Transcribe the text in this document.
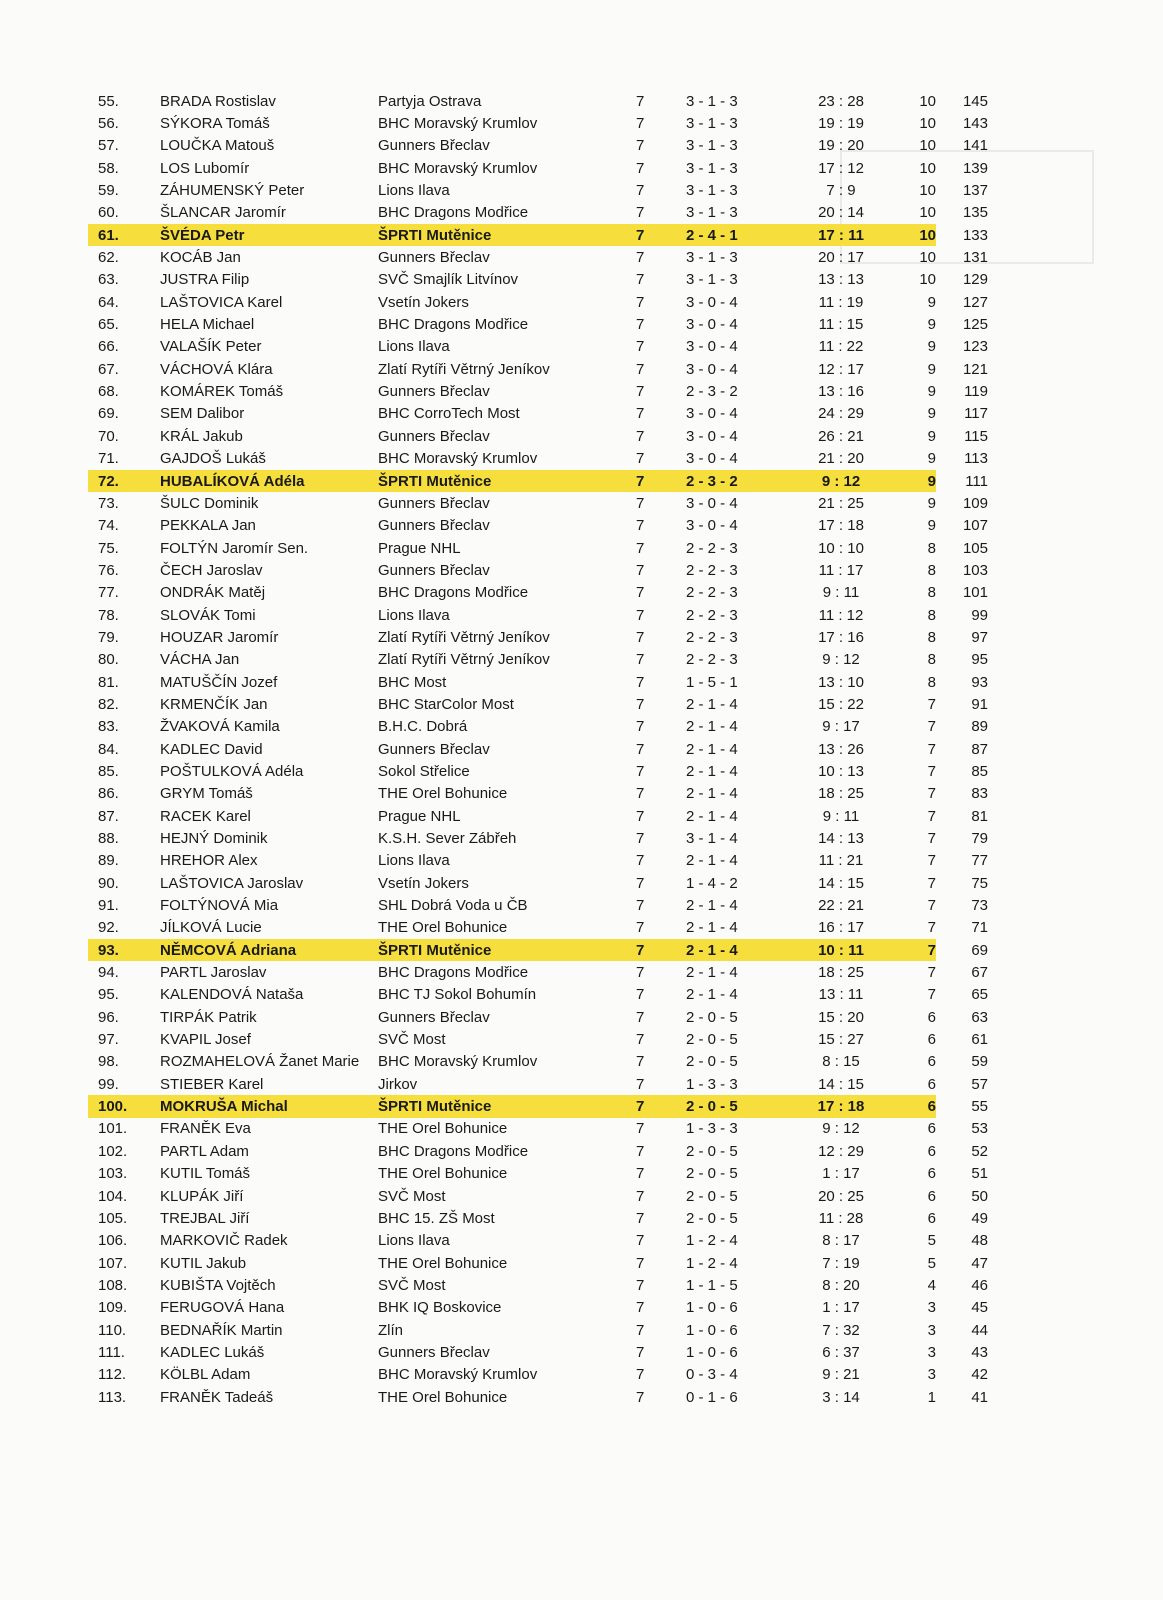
55.	BRADA Rostislav	Partyja Ostrava	7	3 - 1 - 3	23 : 28	10	145
56.	SÝKORA Tomáš	BHC Moravský Krumlov	7	3 - 1 - 3	19 : 19	10	143
57.	LOUČKA Matouš	Gunners Břeclav	7	3 - 1 - 3	19 : 20	10	141
58.	LOS Lubomír	BHC Moravský Krumlov	7	3 - 1 - 3	17 : 12	10	139
59.	ZÁHUMENSKÝ Peter	Lions Ilava	7	3 - 1 - 3	7 : 9	10	137
60.	ŠLANCAR Jaromír	BHC Dragons Modřice	7	3 - 1 - 3	20 : 14	10	135
61.	ŠVÉDA Petr	ŠPRTI Mutěnice	7	2 - 4 - 1	17 : 11	10	133
62.	KOCÁB Jan	Gunners Břeclav	7	3 - 1 - 3	20 : 17	10	131
63.	JUSTRA Filip	SVČ Smajlík Litvínov	7	3 - 1 - 3	13 : 13	10	129
64.	LAŠTOVICA Karel	Vsetín Jokers	7	3 - 0 - 4	11 : 19	9	127
65.	HELA Michael	BHC Dragons Modřice	7	3 - 0 - 4	11 : 15	9	125
66.	VALAŠÍK Peter	Lions Ilava	7	3 - 0 - 4	11 : 22	9	123
67.	VÁCHOVÁ Klára	Zlatí Rytíři Větrný Jeníkov	7	3 - 0 - 4	12 : 17	9	121
68.	KOMÁREK Tomáš	Gunners Břeclav	7	2 - 3 - 2	13 : 16	9	119
69.	SEM Dalibor	BHC CorroTech Most	7	3 - 0 - 4	24 : 29	9	117
70.	KRÁL Jakub	Gunners Břeclav	7	3 - 0 - 4	26 : 21	9	115
71.	GAJDOŠ Lukáš	BHC Moravský Krumlov	7	3 - 0 - 4	21 : 20	9	113
72.	HUBALÍKOVÁ Adéla	ŠPRTI Mutěnice	7	2 - 3 - 2	9 : 12	9	111
73.	ŠULC Dominik	Gunners Břeclav	7	3 - 0 - 4	21 : 25	9	109
74.	PEKKALA Jan	Gunners Břeclav	7	3 - 0 - 4	17 : 18	9	107
75.	FOLTÝN Jaromír Sen.	Prague NHL	7	2 - 2 - 3	10 : 10	8	105
76.	ČECH Jaroslav	Gunners Břeclav	7	2 - 2 - 3	11 : 17	8	103
77.	ONDRÁK Matěj	BHC Dragons Modřice	7	2 - 2 - 3	9 : 11	8	101
78.	SLOVÁK Tomi	Lions Ilava	7	2 - 2 - 3	11 : 12	8	99
79.	HOUZAR Jaromír	Zlatí Rytíři Větrný Jeníkov	7	2 - 2 - 3	17 : 16	8	97
80.	VÁCHA Jan	Zlatí Rytíři Větrný Jeníkov	7	2 - 2 - 3	9 : 12	8	95
81.	MATUŠČÍN Jozef	BHC Most	7	1 - 5 - 1	13 : 10	8	93
82.	KRMENČÍK Jan	BHC StarColor Most	7	2 - 1 - 4	15 : 22	7	91
83.	ŽVAKOVÁ Kamila	B.H.C. Dobrá	7	2 - 1 - 4	9 : 17	7	89
84.	KADLEC David	Gunners Břeclav	7	2 - 1 - 4	13 : 26	7	87
85.	POŠTULKOVÁ Adéla	Sokol Střelice	7	2 - 1 - 4	10 : 13	7	85
86.	GRYM Tomáš	THE Orel Bohunice	7	2 - 1 - 4	18 : 25	7	83
87.	RACEK Karel	Prague NHL	7	2 - 1 - 4	9 : 11	7	81
88.	HEJNÝ Dominik	K.S.H. Sever Zábřeh	7	3 - 1 - 4	14 : 13	7	79
89.	HREHOR Alex	Lions Ilava	7	2 - 1 - 4	11 : 21	7	77
90.	LAŠTOVICA Jaroslav	Vsetín Jokers	7	1 - 4 - 2	14 : 15	7	75
91.	FOLTÝNOVÁ Mia	SHL Dobrá Voda u ČB	7	2 - 1 - 4	22 : 21	7	73
92.	JÍLKOVÁ Lucie	THE Orel Bohunice	7	2 - 1 - 4	16 : 17	7	71
93.	NĚMCOVÁ Adriana	ŠPRTI Mutěnice	7	2 - 1 - 4	10 : 11	7	69
94.	PARTL Jaroslav	BHC Dragons Modřice	7	2 - 1 - 4	18 : 25	7	67
95.	KALENDOVÁ Nataša	BHC TJ Sokol Bohumín	7	2 - 1 - 4	13 : 11	7	65
96.	TIRPÁK Patrik	Gunners Břeclav	7	2 - 0 - 5	15 : 20	6	63
97.	KVAPIL Josef	SVČ Most	7	2 - 0 - 5	15 : 27	6	61
98.	ROZMAHELOVÁ Žanet Marie	BHC Moravský Krumlov	7	2 - 0 - 5	8 : 15	6	59
99.	STIEBER Karel	Jirkov	7	1 - 3 - 3	14 : 15	6	57
100.	MOKRUŠA Michal	ŠPRTI Mutěnice	7	2 - 0 - 5	17 : 18	6	55
101.	FRANĚK Eva	THE Orel Bohunice	7	1 - 3 - 3	9 : 12	6	53
102.	PARTL Adam	BHC Dragons Modřice	7	2 - 0 - 5	12 : 29	6	52
103.	KUTIL Tomáš	THE Orel Bohunice	7	2 - 0 - 5	1 : 17	6	51
104.	KLUPÁK Jiří	SVČ Most	7	2 - 0 - 5	20 : 25	6	50
105.	TREJBAL Jiří	BHC 15. ZŠ Most	7	2 - 0 - 5	11 : 28	6	49
106.	MARKOVIČ Radek	Lions Ilava	7	1 - 2 - 4	8 : 17	5	48
107.	KUTIL Jakub	THE Orel Bohunice	7	1 - 2 - 4	7 : 19	5	47
108.	KUBIŠTA Vojtěch	SVČ Most	7	1 - 1 - 5	8 : 20	4	46
109.	FERUGOVÁ Hana	BHK IQ Boskovice	7	1 - 0 - 6	1 : 17	3	45
110.	BEDNAŘÍK Martin	Zlín	7	1 - 0 - 6	7 : 32	3	44
111.	KADLEC Lukáš	Gunners Břeclav	7	1 - 0 - 6	6 : 37	3	43
112.	KÖLBL Adam	BHC Moravský Krumlov	7	0 - 3 - 4	9 : 21	3	42
113.	FRANĚK Tadeáš	THE Orel Bohunice	7	0 - 1 - 6	3 : 14	1	41
